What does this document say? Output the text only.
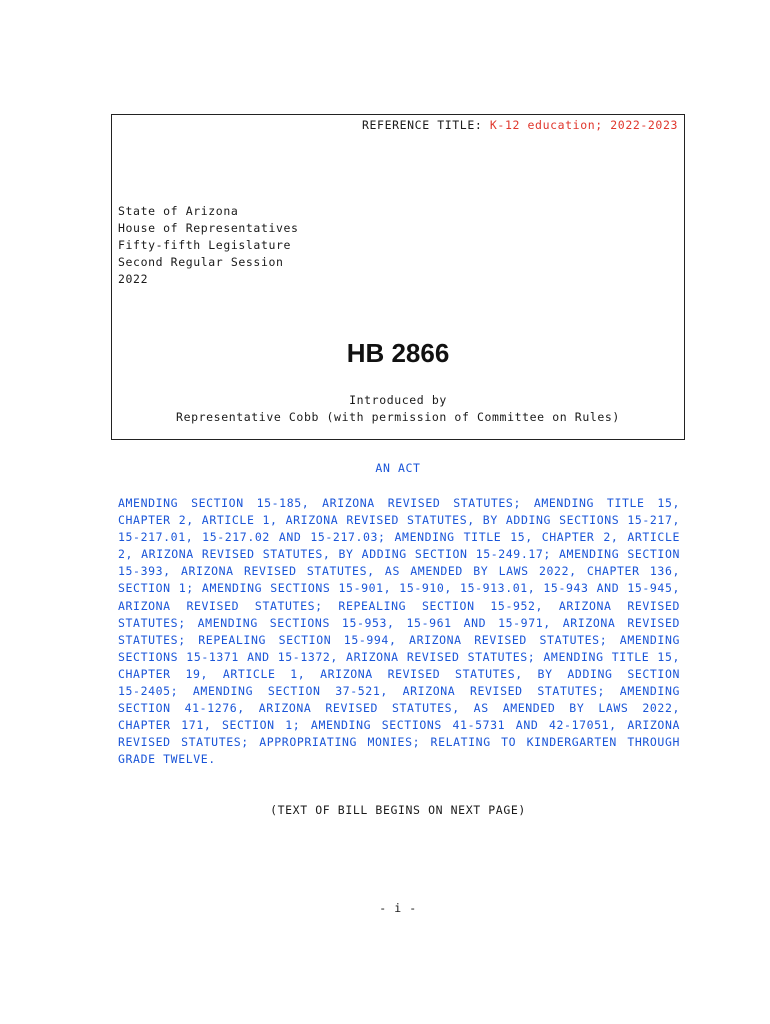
REFERENCE TITLE: K-12 education; 2022-2023
State of Arizona
House of Representatives
Fifty-fifth Legislature
Second Regular Session
2022
HB 2866
Introduced by
Representative Cobb (with permission of Committee on Rules)
AN ACT
AMENDING SECTION 15-185, ARIZONA REVISED STATUTES; AMENDING TITLE 15,
CHAPTER 2, ARTICLE 1, ARIZONA REVISED STATUTES, BY ADDING SECTIONS 15-217,
15-217.01, 15-217.02 AND 15-217.03; AMENDING TITLE 15, CHAPTER 2, ARTICLE
2, ARIZONA REVISED STATUTES, BY ADDING SECTION 15-249.17; AMENDING SECTION
15-393, ARIZONA REVISED STATUTES, AS AMENDED BY LAWS 2022, CHAPTER 136,
SECTION 1; AMENDING SECTIONS 15-901, 15-910, 15-913.01, 15-943 AND 15-945,
ARIZONA REVISED STATUTES; REPEALING SECTION 15-952, ARIZONA REVISED
STATUTES; AMENDING SECTIONS 15-953, 15-961 AND 15-971, ARIZONA REVISED
STATUTES; REPEALING SECTION 15-994, ARIZONA REVISED STATUTES; AMENDING
SECTIONS 15-1371 AND 15-1372, ARIZONA REVISED STATUTES; AMENDING TITLE 15,
CHAPTER 19, ARTICLE 1, ARIZONA REVISED STATUTES, BY ADDING SECTION
15-2405; AMENDING SECTION 37-521, ARIZONA REVISED STATUTES; AMENDING
SECTION 41-1276, ARIZONA REVISED STATUTES, AS AMENDED BY LAWS 2022,
CHAPTER 171, SECTION 1; AMENDING SECTIONS 41-5731 AND 42-17051, ARIZONA
REVISED STATUTES; APPROPRIATING MONIES; RELATING TO KINDERGARTEN THROUGH
GRADE TWELVE.
(TEXT OF BILL BEGINS ON NEXT PAGE)
- i -
